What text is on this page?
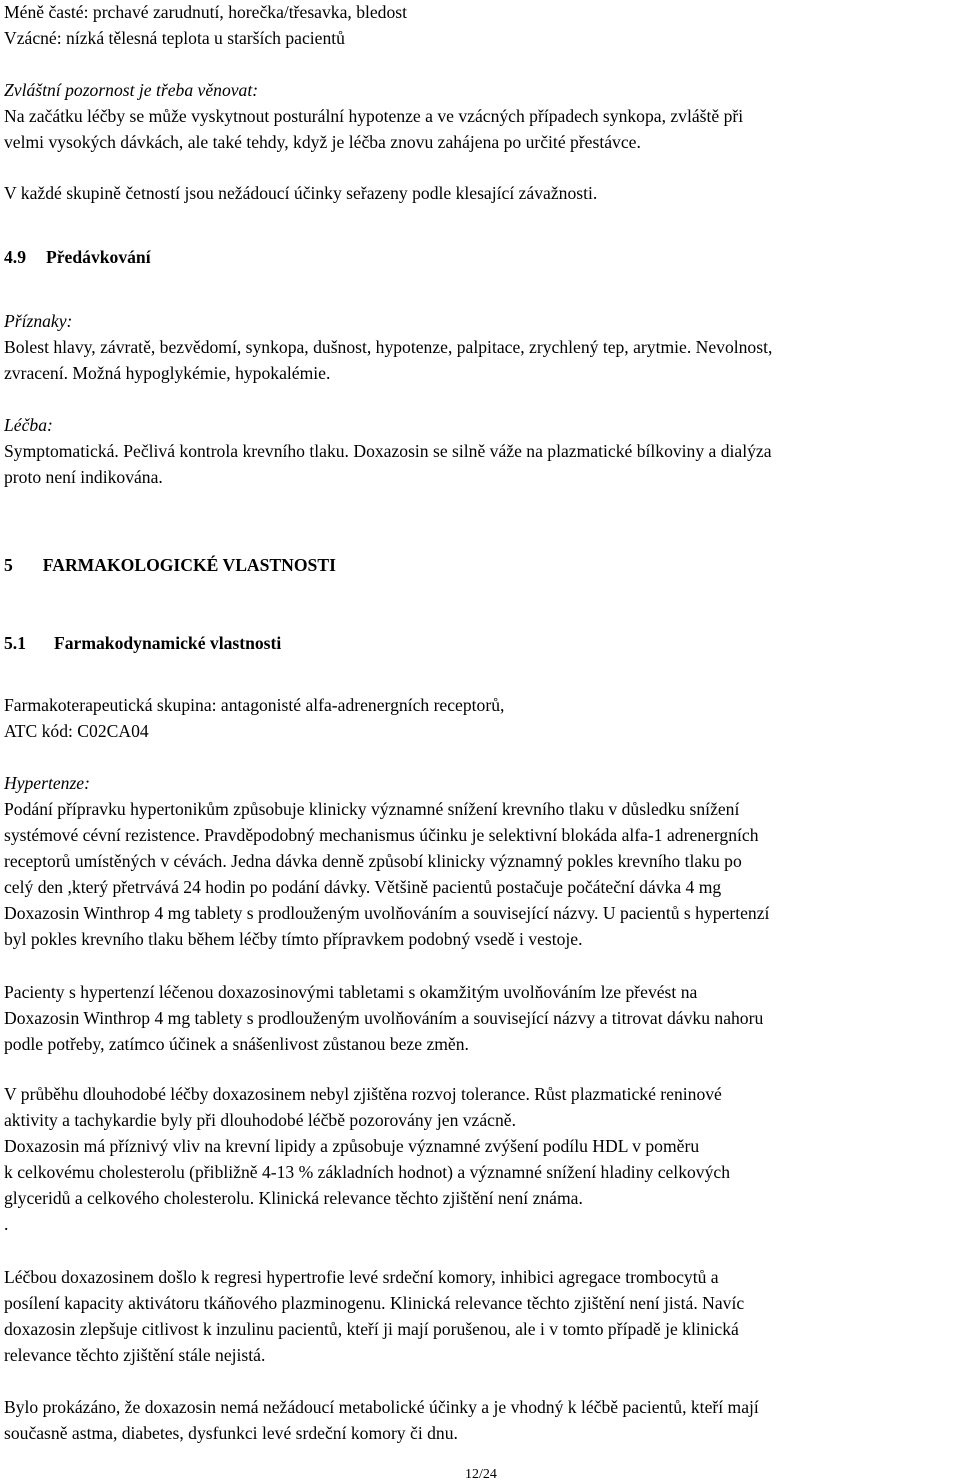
Méně časté: prchavé zarudnutí, horečka/třesavka, bledost
Vzácné: nízká tělesná teplota u starších pacientů
Zvláštní pozornost je třeba věnovat:
Na začátku léčby se může vyskytnout posturální hypotenze a ve vzácných případech synkopa, zvláště při
velmi vysokých dávkách, ale také tehdy, když je léčba znovu zahájena po určité přestávce.
V každé skupině četností jsou nežádoucí účinky seřazeny podle klesající závažnosti.
4.9 Předávkování
Příznaky:
Bolest hlavy, závratě, bezvědomí, synkopa, dušnost, hypotenze, palpitace, zrychlený tep, arytmie. Nevolnost,
zvracení. Možná hypoglykémie, hypokalémie.
Léčba:
Symptomatická. Pečlivá kontrola krevního tlaku. Doxazosin se silně váže na plazmatické bílkoviny a dialýza
proto není indikována.
5 FARMAKOLOGICKÉ VLASTNOSTI
5.1 Farmakodynamické vlastnosti
Farmakoterapeutická skupina: antagonisté alfa-adrenergních receptorů,
ATC kód: C02CA04
Hypertenze:
Podání přípravku hypertonikům způsobuje klinicky významné snížení krevního tlaku v důsledku snížení
systémové cévní rezistence. Pravděpodobný mechanismus účinku je selektivní blokáda alfa-1 adrenergních
receptorů umístěných v cévách. Jedna dávka denně způsobí klinicky významný pokles krevního tlaku po
celý den ,který přetrvává 24 hodin po podání dávky. Většině pacientů postačuje počáteční dávka 4 mg
Doxazosin Winthrop 4 mg tablety s prodlouženým uvolňováním a související názvy. U pacientů s hypertenzí
byl pokles krevního tlaku během léčby tímto přípravkem podobný vsedě i vestoje.
Pacienty s hypertenzí léčenou doxazosinovými tabletami s okamžitým uvolňováním lze převést na
Doxazosin Winthrop 4 mg tablety s prodlouženým uvolňováním a související názvy a titrovat dávku nahoru
podle potřeby, zatímco účinek a snášenlivost zůstanou beze změn.
V průběhu dlouhodobé léčby doxazosinem nebyl zjištěna rozvoj tolerance. Růst plazmatické reninové
aktivity a tachykardie byly při dlouhodobé léčbě pozorovány jen vzácně.
Doxazosin má příznivý vliv na krevní lipidy a způsobuje významné zvýšení podílu HDL v poměru
k celkovému cholesterolu (přibližně 4-13 % základních hodnot) a významné snížení hladiny celkových
glyceridů a celkového cholesterolu. Klinická relevance těchto zjištění není známa.
.
Léčbou doxazosinem došlo k regresi hypertrofie levé srdeční komory, inhibici agregace trombocytů a
posílení kapacity aktivátoru tkáňového plazminogenu. Klinická relevance těchto zjištění není jistá. Navíc
doxazosin zlepšuje citlivost k inzulinu pacientů, kteří ji mají porušenou, ale i v tomto případě je klinická
relevance těchto zjištění stále nejistá.
Bylo prokázáno, že doxazosin nemá nežádoucí metabolické účinky a je vhodný k léčbě pacientů, kteří mají
současně astma, diabetes, dysfunkci levé srdeční komory či dnu.
12/24
